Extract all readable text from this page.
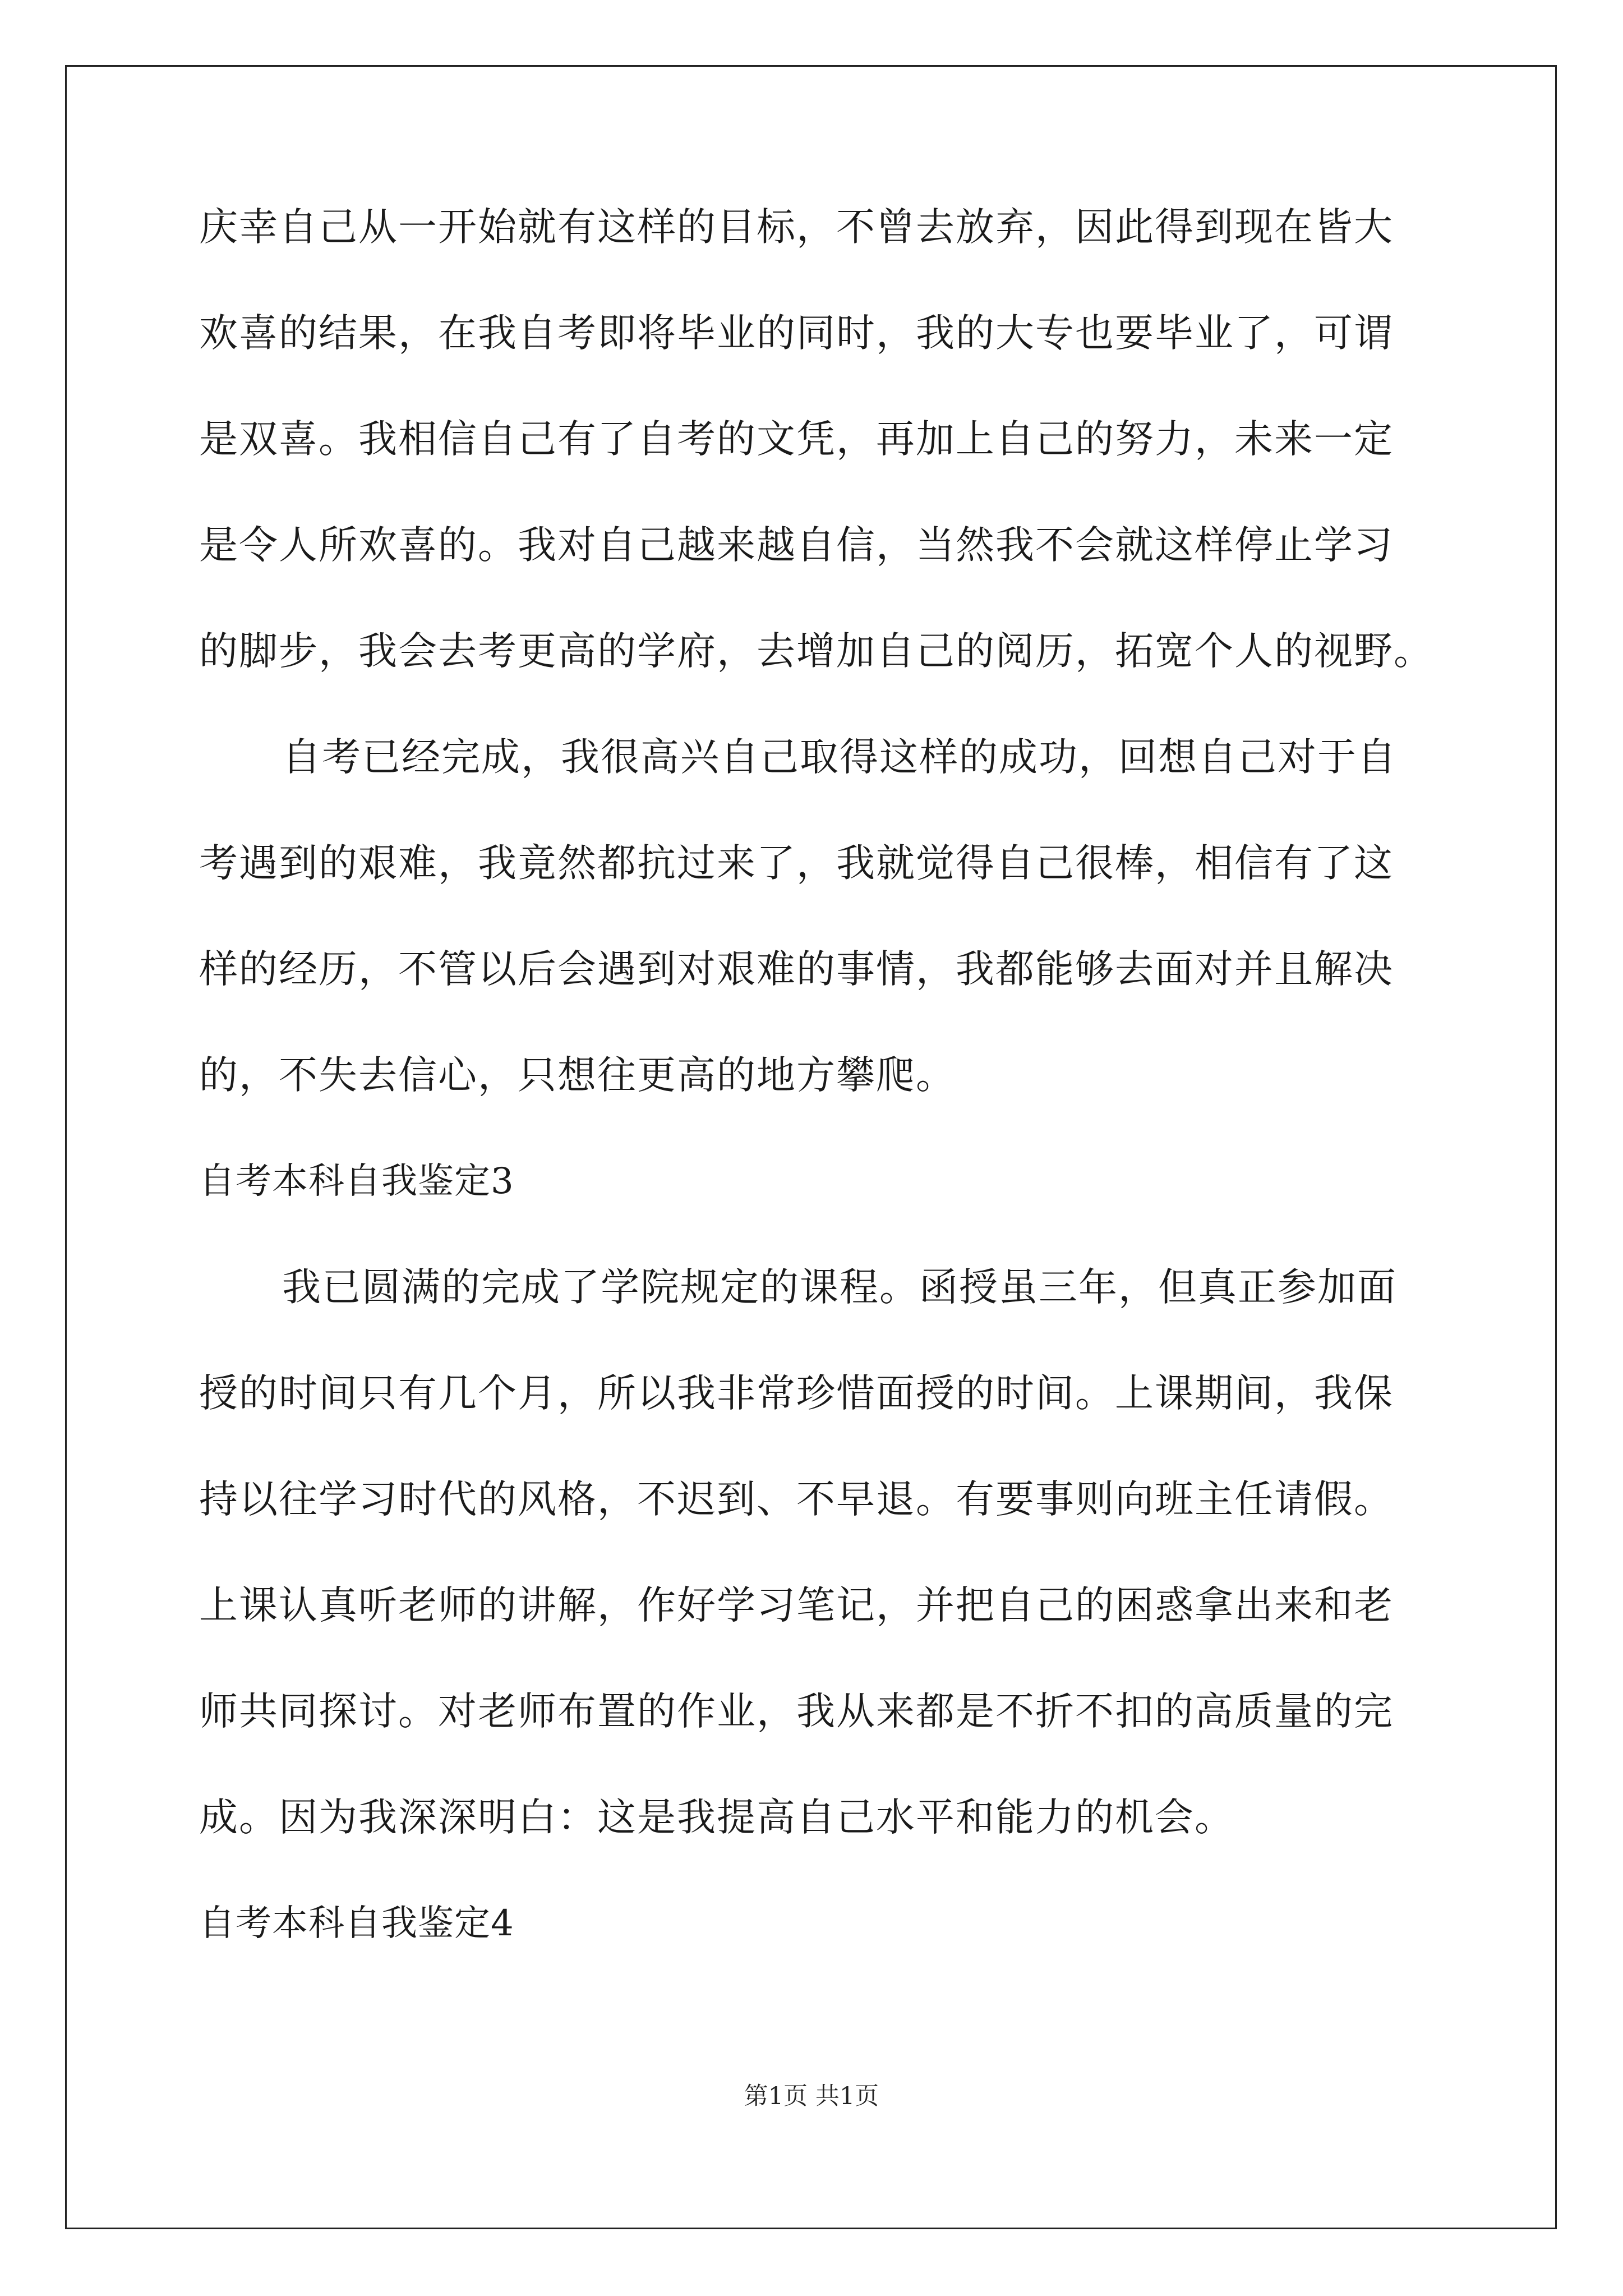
庆幸自己从一开始就有这样的目标，不曾去放弃，因此得到现在皆大
欢喜的结果，在我自考即将毕业的同时，我的大专也要毕业了，可谓
是双喜。我相信自己有了自考的文凭，再加上自己的努力，未来一定
是令人所欢喜的。我对自己越来越自信，当然我不会就这样停止学习
的脚步，我会去考更高的学府，去增加自己的阅历，拓宽个人的视野。
自考已经完成，我很高兴自己取得这样的成功，回想自己对于自
考遇到的艰难，我竟然都抗过来了，我就觉得自己很棒，相信有了这
样的经历，不管以后会遇到对艰难的事情，我都能够去面对并且解决
的，不失去信心，只想往更高的地方攀爬。
自考本科自我鉴定3
我已圆满的完成了学院规定的课程。函授虽三年，但真正参加面
授的时间只有几个月，所以我非常珍惜面授的时间。上课期间，我保
持以往学习时代的风格，不迟到、不早退。有要事则向班主任请假。
上课认真听老师的讲解，作好学习笔记，并把自己的困惑拿出来和老
师共同探讨。对老师布置的作业，我从来都是不折不扣的高质量的完
成。因为我深深明白：这是我提高自己水平和能力的机会。
自考本科自我鉴定4
第1页 共1页
